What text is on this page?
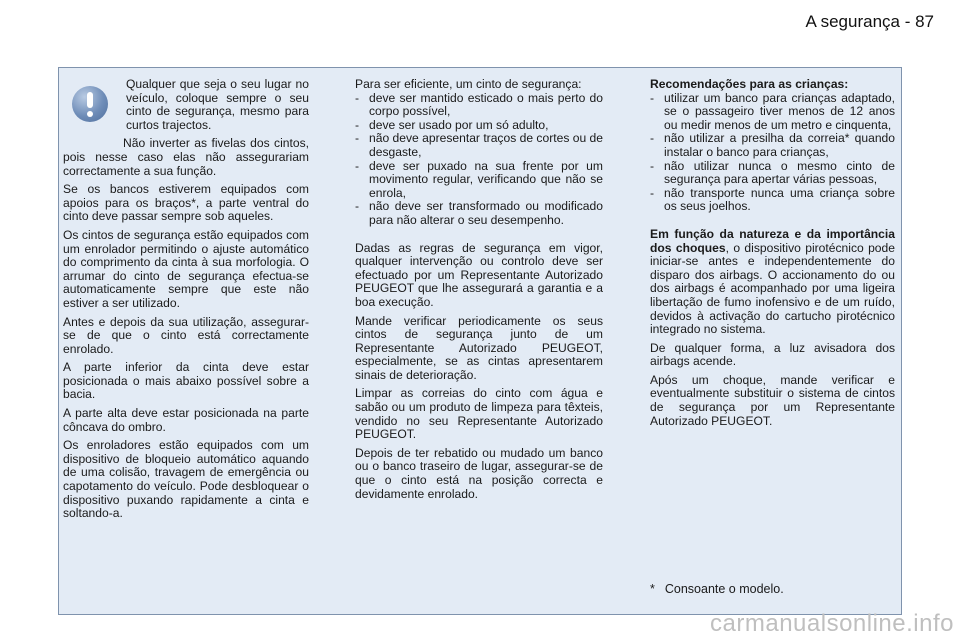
A segurança - 87

Qualquer que seja o seu lugar no veículo, coloque sempre o seu cinto de segurança, mesmo para curtos trajectos.

Não inverter as fivelas dos cintos, pois nesse caso elas não assegurariam correctamente a sua função.

Se os bancos estiverem equipados com apoios para os braços*, a parte ventral do cinto deve passar sempre sob aqueles.

Os cintos de segurança estão equipados com um enrolador permitindo o ajuste automático do comprimento da cinta à sua morfologia. O arrumar do cinto de segurança efectua-se automaticamente sempre que este não estiver a ser utilizado.

Antes e depois da sua utilização, assegurar-se de que o cinto está correctamente enrolado.

A parte inferior da cinta deve estar posicionada o mais abaixo possível sobre a bacia.

A parte alta deve estar posicionada na parte côncava do ombro.

Os enroladores estão equipados com um dispositivo de bloqueio automático aquando de uma colisão, travagem de emergência ou capotamento do veículo. Pode desbloquear o dispositivo puxando rapidamente a cinta e soltando-a.

Para ser eficiente, um cinto de segurança:

- deve ser mantido esticado o mais perto do corpo possível,
- deve ser usado por um só adulto,
- não deve apresentar traços de cortes ou de desgaste,
- deve ser puxado na sua frente por um movimento regular, verificando que não se enrola,
- não deve ser transformado ou modificado para não alterar o seu desempenho.

Dadas as regras de segurança em vigor, qualquer intervenção ou controlo deve ser efectuado por um Representante Autorizado PEUGEOT que lhe assegurará a garantia e a boa execução.

Mande verificar periodicamente os seus cintos de segurança junto de um Representante Autorizado PEUGEOT, especialmente, se as cintas apresentarem sinais de deterioração.

Limpar as correias do cinto com água e sabão ou um produto de limpeza para têxteis, vendido no seu Representante Autorizado PEUGEOT.

Depois de ter rebatido ou mudado um banco ou o banco traseiro de lugar, assegurar-se de que o cinto está na posição correcta e devidamente enrolado.

Recomendações para as crianças:

- utilizar um banco para crianças adaptado, se o passageiro tiver menos de 12 anos ou medir menos de um metro e cinquenta,
- não utilizar a presilha da correia* quando instalar o banco para crianças,
- não utilizar nunca o mesmo cinto de segurança para apertar várias pessoas,
- não transporte nunca uma criança sobre os seus joelhos.

Em função da natureza e da importância dos choques, o dispositivo pirotécnico pode iniciar-se antes e independentemente do disparo dos airbags. O accionamento do ou dos airbags é acompanhado por uma ligeira libertação de fumo inofensivo e de um ruído, devidos à activação do cartucho pirotécnico integrado no sistema.

De qualquer forma, a luz avisadora dos airbags acende.

Após um choque, mande verificar e eventualmente substituir o sistema de cintos de segurança por um Representante Autorizado PEUGEOT.

* Consoante o modelo.
carmanualsonline.info
